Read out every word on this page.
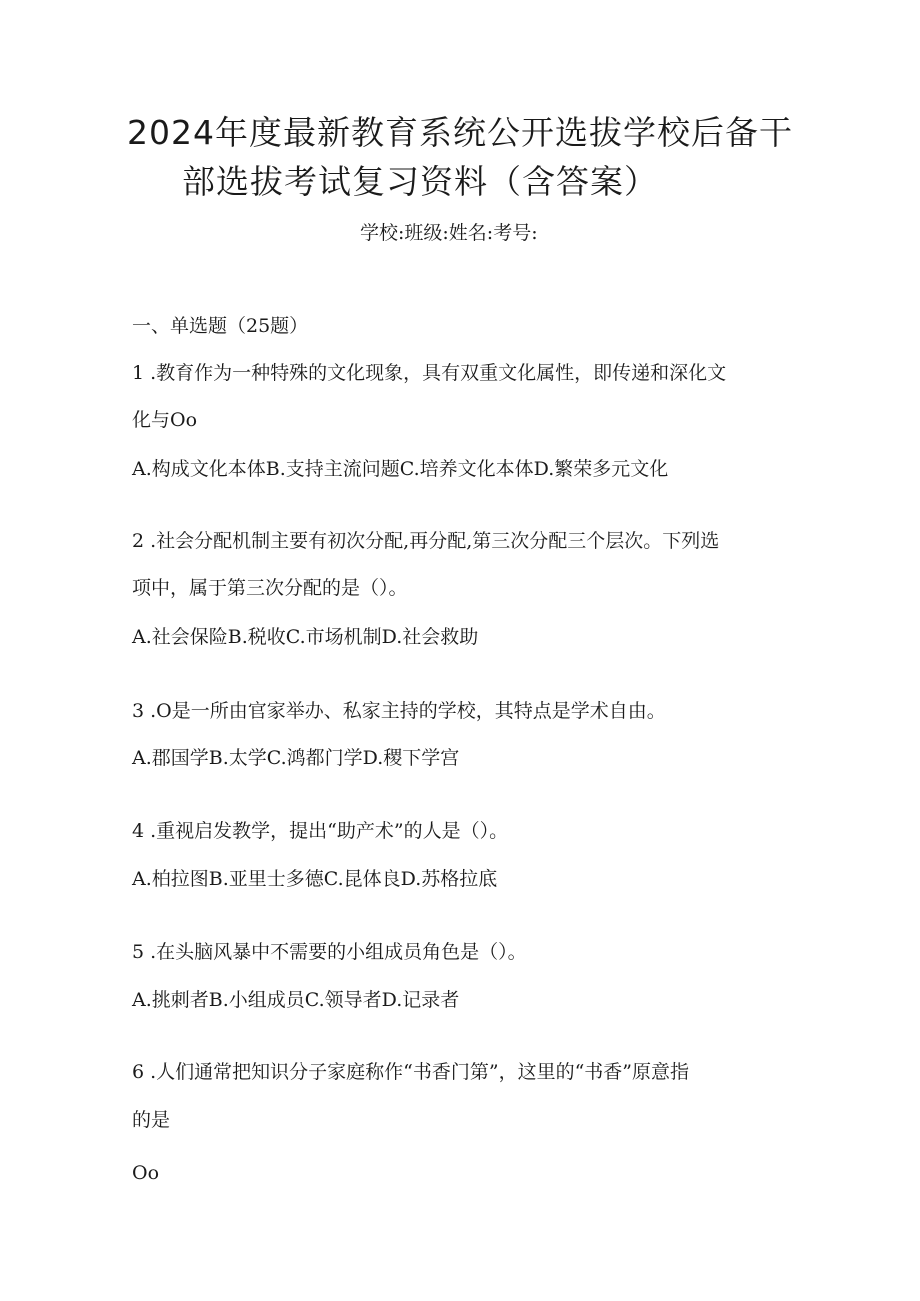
2024年度最新教育系统公开选拔学校后备干
部选拔考试复习资料（含答案）
学校:班级:姓名:考号:
一、单选题（25题）
1 .教育作为一种特殊的文化现象，具有双重文化属性，即传递和深化文
化与Oo
A.构成文化本体B.支持主流问题C.培养文化本体D.繁荣多元文化
2 .社会分配机制主要有初次分配,再分配,第三次分配三个层次。下列选
项中，属于第三次分配的是（）。
A.社会保险B.税收C.市场机制D.社会救助
3 .O是一所由官家举办、私家主持的学校，其特点是学术自由。
A.郡国学B.太学C.鸿都门学D.稷下学宫
4 .重视启发教学，提出“助产术”的人是（）。
A.柏拉图B.亚里士多德C.昆体良D.苏格拉底
5 .在头脑风暴中不需要的小组成员角色是（）。
A.挑刺者B.小组成员C.领导者D.记录者
6 .人们通常把知识分子家庭称作“书香门第”，这里的“书香”原意指
的是
Oo
